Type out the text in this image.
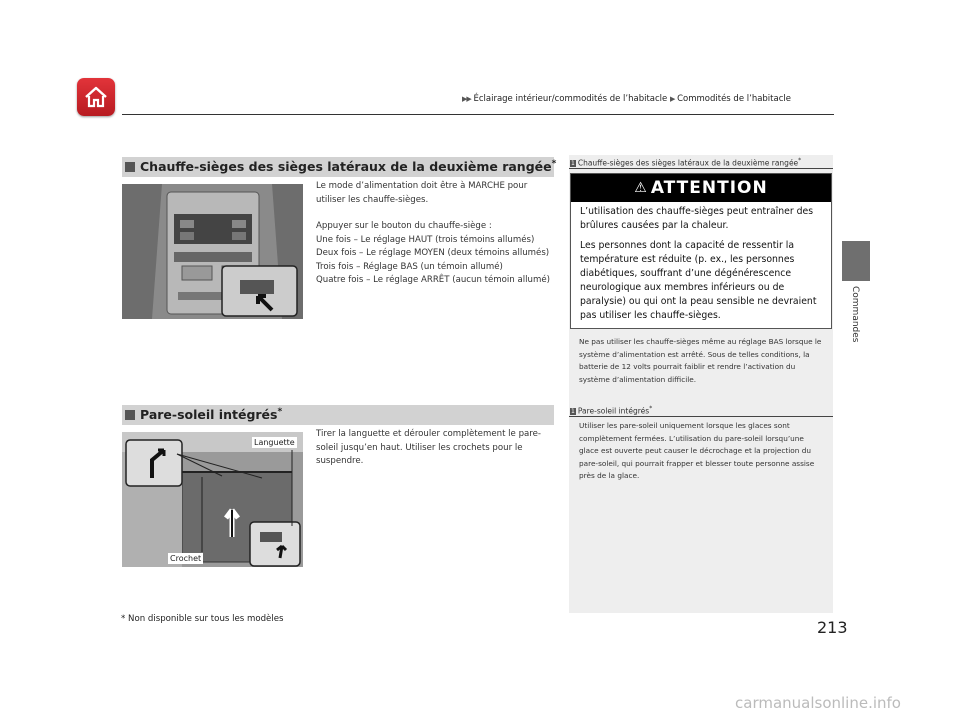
▶▶ Éclairage intérieur/commodités de l’habitacle ▶ Commodités de l’habitacle
Commandes
Chauffe-sièges des sièges latéraux de la deuxième rangée*
Le mode d’alimentation doit être à MARCHE pour utiliser les chauffe-sièges.
Appuyer sur le bouton du chauffe-siège :
Une fois – Le réglage HAUT (trois témoins allumés)
Deux fois – Le réglage MOYEN (deux témoins allumés)
Trois fois – Réglage BAS (un témoin allumé)
Quatre fois – Le réglage ARRÊT (aucun témoin allumé)
1 Chauffe-sièges des sièges latéraux de la deuxième rangée*
⚠ ATTENTION
L’utilisation des chauffe-sièges peut entraîner des brûlures causées par la chaleur.
Les personnes dont la capacité de ressentir la température est réduite (p. ex., les personnes diabétiques, souffrant d’une dégénérescence neurologique aux membres inférieurs ou de paralysie) ou qui ont la peau sensible ne devraient pas utiliser les chauffe-sièges.
Ne pas utiliser les chauffe-sièges même au réglage BAS lorsque le système d’alimentation est arrêté. Sous de telles conditions, la batterie de 12 volts pourrait faiblir et rendre l’activation du système d’alimentation difficile.
Pare-soleil intégrés*
Languette
Crochet
Tirer la languette et dérouler complètement le pare-soleil jusqu’en haut. Utiliser les crochets pour le suspendre.
1 Pare-soleil intégrés*
Utiliser les pare-soleil uniquement lorsque les glaces sont complètement fermées. L’utilisation du pare-soleil lorsqu’une glace est ouverte peut causer le décrochage et la projection du pare-soleil, qui pourrait frapper et blesser toute personne assise près de la glace.
* Non disponible sur tous les modèles	213
carmanualsonline.info
